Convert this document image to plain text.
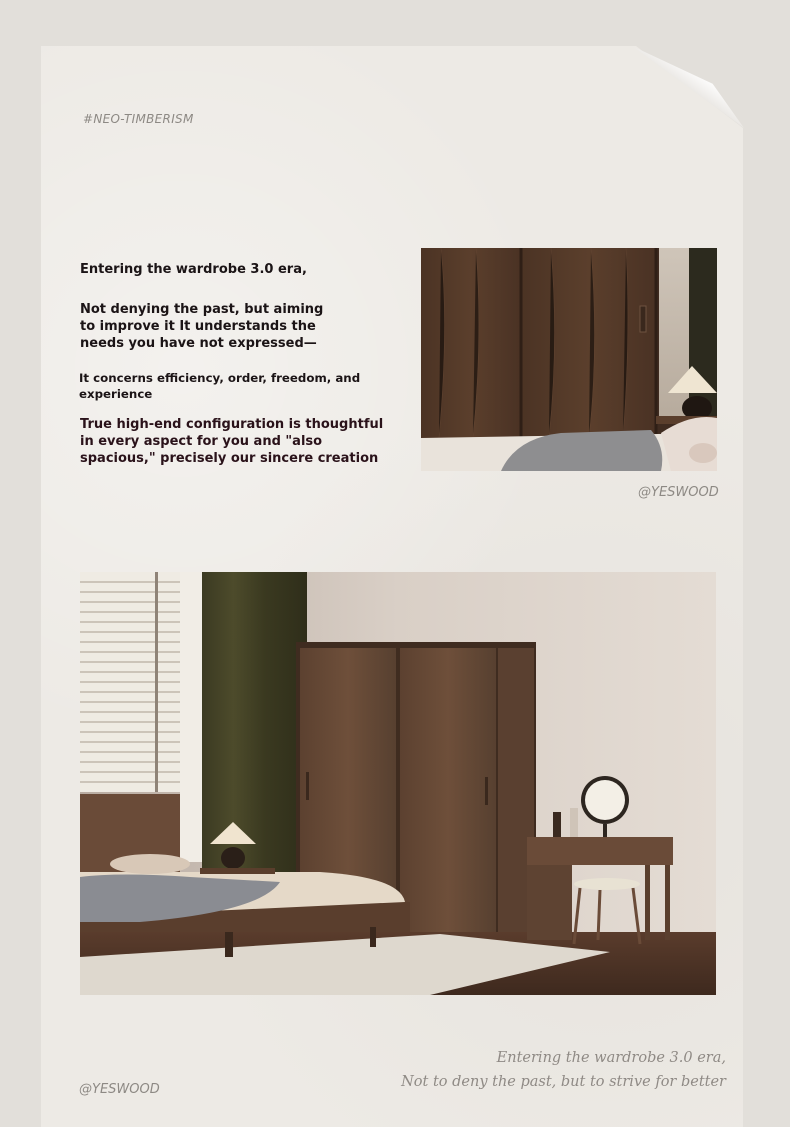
#NEO-TIMBERISM

Entering the wardrobe 3.0 era,

Not denying the past, but aiming to improve it It understands the needs you have not expressed—

It concerns efficiency, order, freedom, and experience

True high-end configuration is thoughtful in every aspect for you and "also spacious," precisely our sincere creation

@YESWOOD
Entering the wardrobe 3.0 era,
Not to deny the past, but to strive for better
@YESWOOD
